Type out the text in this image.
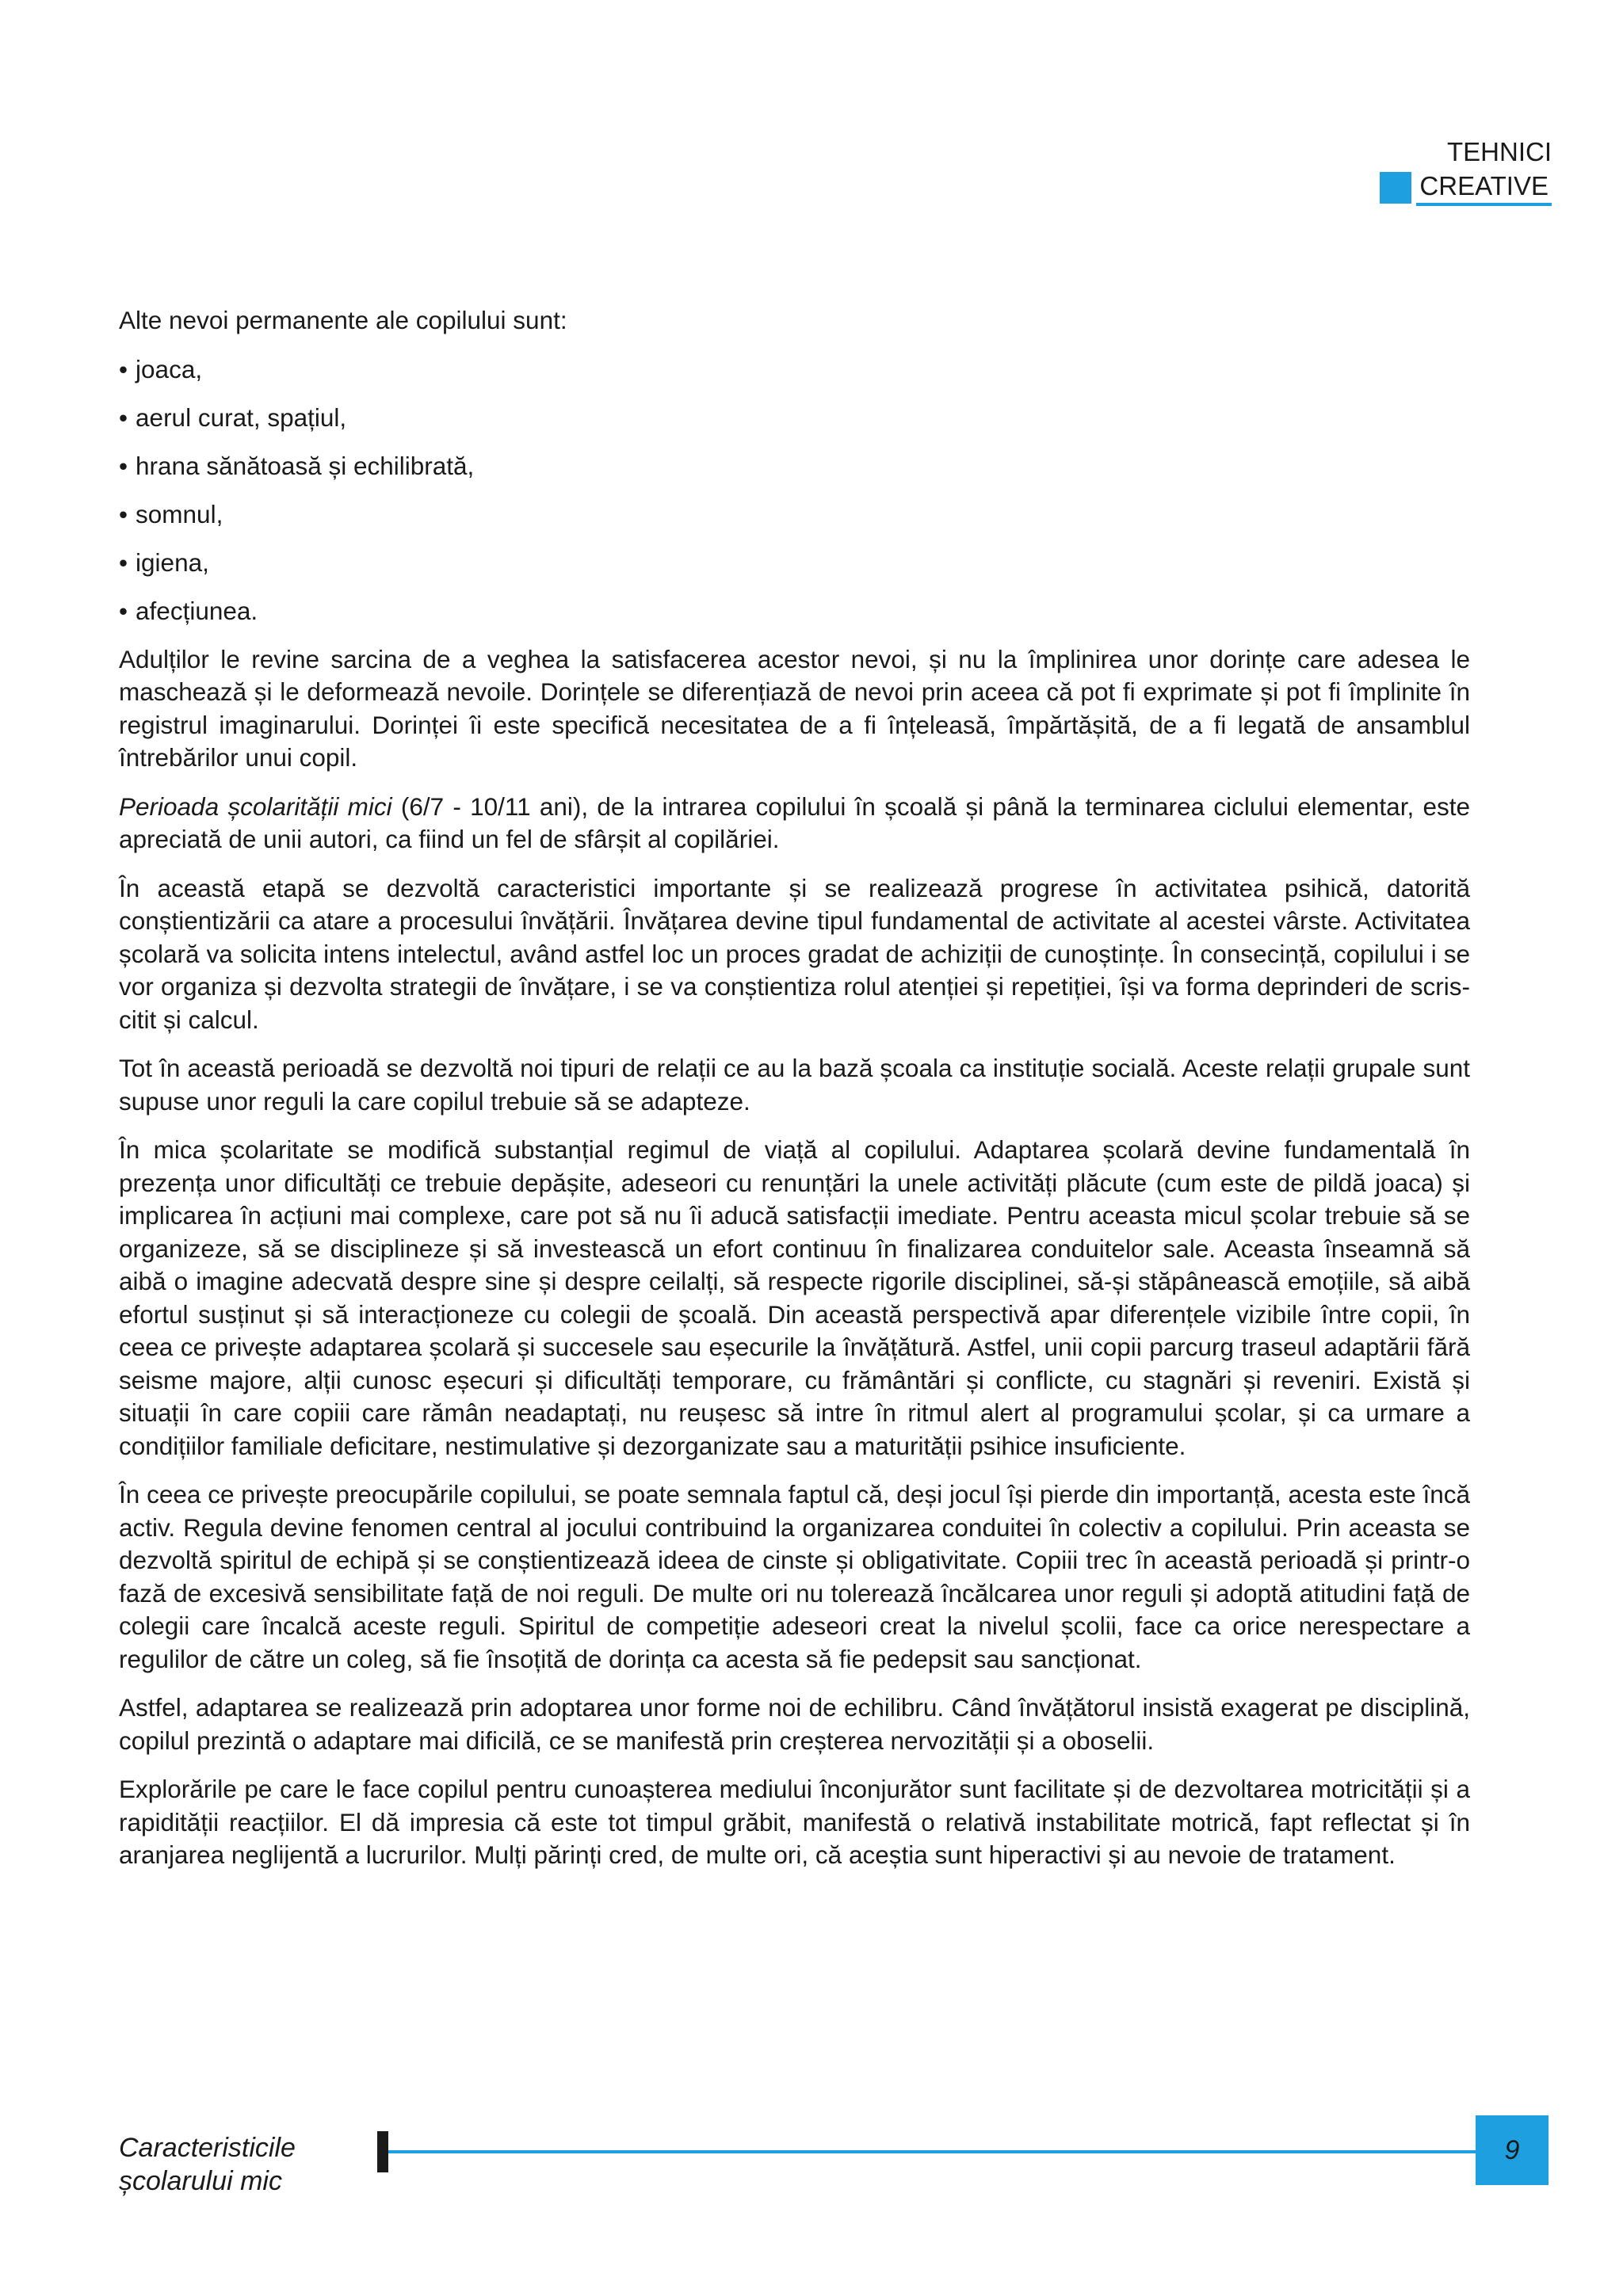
TEHNICI
CREATIVE

Alte nevoi permanente ale copilului sunt:

• joaca,
• aerul curat, spațiul,
• hrana sănătoasă și echilibrată,
• somnul,
• igiena,
• afecțiunea.

Adulților le revine sarcina de a veghea la satisfacerea acestor nevoi, și nu la împlinirea unor dorințe care adesea le maschează și le deformează nevoile. Dorințele se diferențiază de nevoi prin aceea că pot fi exprimate și pot fi împlinite în registrul imaginarului. Dorinței îi este specifică necesitatea de a fi înțeleasă, împărtășită, de a fi legată de ansamblul întrebărilor unui copil.

Perioada școlarității mici (6/7 - 10/11 ani), de la intrarea copilului în școală și până la terminarea ciclului elementar, este apreciată de unii autori, ca fiind un fel de sfârșit al copilăriei.

În această etapă se dezvoltă caracteristici importante și se realizează progrese în activitatea psihică, datorită conștientizării ca atare a procesului învățării. Învățarea devine tipul fundamental de activitate al acestei vârste. Activitatea școlară va solicita intens intelectul, având astfel loc un proces gradat de achiziții de cunoștințe. În consecință, copilului i se vor organiza și dezvolta strategii de învățare, i se va conștientiza rolul atenției și repetiției, își va forma deprinderi de scris-citit și calcul.

Tot în această perioadă se dezvoltă noi tipuri de relații ce au la bază școala ca instituție socială. Aceste relații grupale sunt supuse unor reguli la care copilul trebuie să se adapteze.

În mica școlaritate se modifică substanțial regimul de viață al copilului. Adaptarea școlară devine fundamentală în prezența unor dificultăți ce trebuie depășite, adeseori cu renunțări la unele activități plăcute (cum este de pildă joaca) și implicarea în acțiuni mai complexe, care pot să nu îi aducă satisfacții imediate. Pentru aceasta micul școlar trebuie să se organizeze, să se disciplineze și să investească un efort continuu în finalizarea conduitelor sale. Aceasta înseamnă să aibă o imagine adecvată despre sine și despre ceilalți, să respecte rigorile disciplinei, să-și stăpânească emoțiile, să aibă efortul susținut și să interacționeze cu colegii de școală. Din această perspectivă apar diferențele vizibile între copii, în ceea ce privește adaptarea școlară și succesele sau eșecurile la învățătură. Astfel, unii copii parcurg traseul adaptării fără seisme majore, alții cunosc eșecuri și dificultăți temporare, cu frământări și conflicte, cu stagnări și reveniri. Există și situații în care copiii care rămân neadaptați, nu reușesc să intre în ritmul alert al programului școlar, și ca urmare a condițiilor familiale deficitare, nestimulative și dezorganizate sau a maturității psihice insuficiente.

În ceea ce privește preocupările copilului, se poate semnala faptul că, deși jocul își pierde din importanță, acesta este încă activ. Regula devine fenomen central al jocului contribuind la organizarea conduitei în colectiv a copilului. Prin aceasta se dezvoltă spiritul de echipă și se conștientizează ideea de cinste și obligativitate. Copiii trec în această perioadă și printr-o fază de excesivă sensibilitate față de noi reguli. De multe ori nu tolerează încălcarea unor reguli și adoptă atitudini față de colegii care încalcă aceste reguli. Spiritul de competiție adeseori creat la nivelul școlii, face ca orice nerespectare a regulilor de către un coleg, să fie însoțită de dorința ca acesta să fie pedepsit sau sancționat.

Astfel, adaptarea se realizează prin adoptarea unor forme noi de echilibru. Când învățătorul insistă exagerat pe disciplină, copilul prezintă o adaptare mai dificilă, ce se manifestă prin creșterea nervozității și a oboselii.

Explorările pe care le face copilul pentru cunoașterea mediului înconjurător sunt facilitate și de dezvoltarea motricității și a rapidității reacțiilor. El dă impresia că este tot timpul grăbit, manifestă o relativă instabilitate motrică, fapt reflectat și în aranjarea neglijentă a lucrurilor. Mulți părinți cred, de multe ori, că aceștia sunt hiperactivi și au nevoie de tratament.

Caracteristicile
școlarului mic
9
